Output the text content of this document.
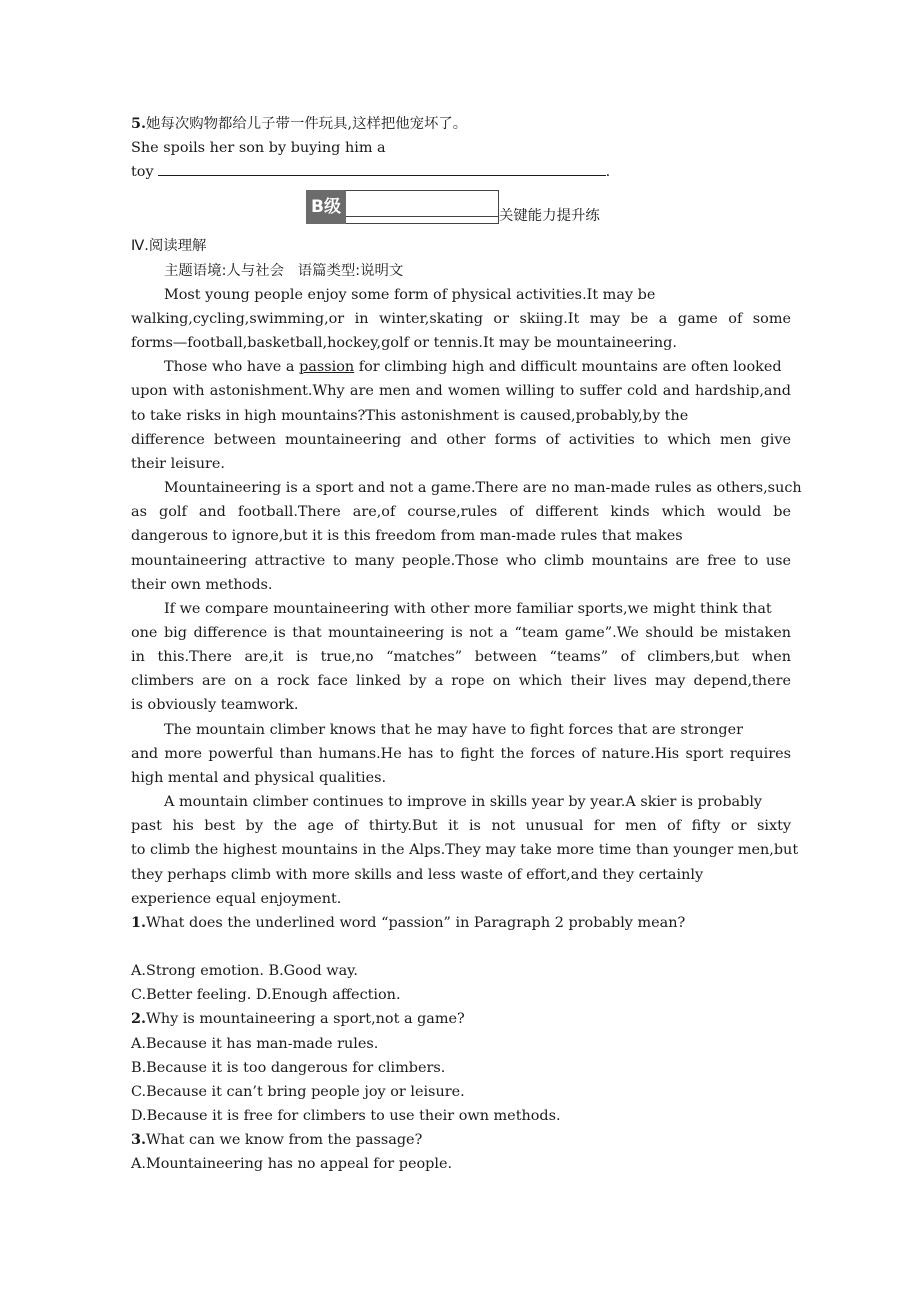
5.她每次购物都给儿子带一件玩具,这样把他宠坏了。
She spoils her son by buying him a
toy	.
B级	关键能力提升练
Ⅳ.阅读理解
主题语境:人与社会   语篇类型:说明文
Most young people enjoy some form of physical activities.It may be
walking,cycling,swimming,or in winter,skating or skiing.It may be a game of some
forms—football,basketball,hockey,golf or tennis.It may be mountaineering.
Those who have a passion for climbing high and difficult mountains are often looked
upon with astonishment.Why are men and women willing to suffer cold and hardship,and
to take risks in high mountains?This astonishment is caused,probably,by the
difference between mountaineering and other forms of activities to which men give
their leisure.
Mountaineering is a sport and not a game.There are no man-made rules as others,such
as golf and football.There are,of course,rules of different kinds which would be
dangerous to ignore,but it is this freedom from man-made rules that makes
mountaineering attractive to many people.Those who climb mountains are free to use
their own methods.
If we compare mountaineering with other more familiar sports,we might think that
one big difference is that mountaineering is not a “team game”.We should be mistaken
in this.There are,it is true,no “matches” between “teams” of climbers,but when
climbers are on a rock face linked by a rope on which their lives may depend,there
is obviously teamwork.
The mountain climber knows that he may have to fight forces that are stronger
and more powerful than humans.He has to fight the forces of nature.His sport requires
high mental and physical qualities.
A mountain climber continues to improve in skills year by year.A skier is probably
past his best by the age of thirty.But it is not unusual for men of fifty or sixty
to climb the highest mountains in the Alps.They may take more time than younger men,but
they perhaps climb with more skills and less waste of effort,and they certainly
experience equal enjoyment.
1.What does the underlined word “passion” in Paragraph 2 probably mean?

A.Strong emotion. B.Good way.
C.Better feeling. D.Enough affection.
2.Why is mountaineering a sport,not a game?
A.Because it has man-made rules.
B.Because it is too dangerous for climbers.
C.Because it can’t bring people joy or leisure.
D.Because it is free for climbers to use their own methods.
3.What can we know from the passage?
A.Mountaineering has no appeal for people.
